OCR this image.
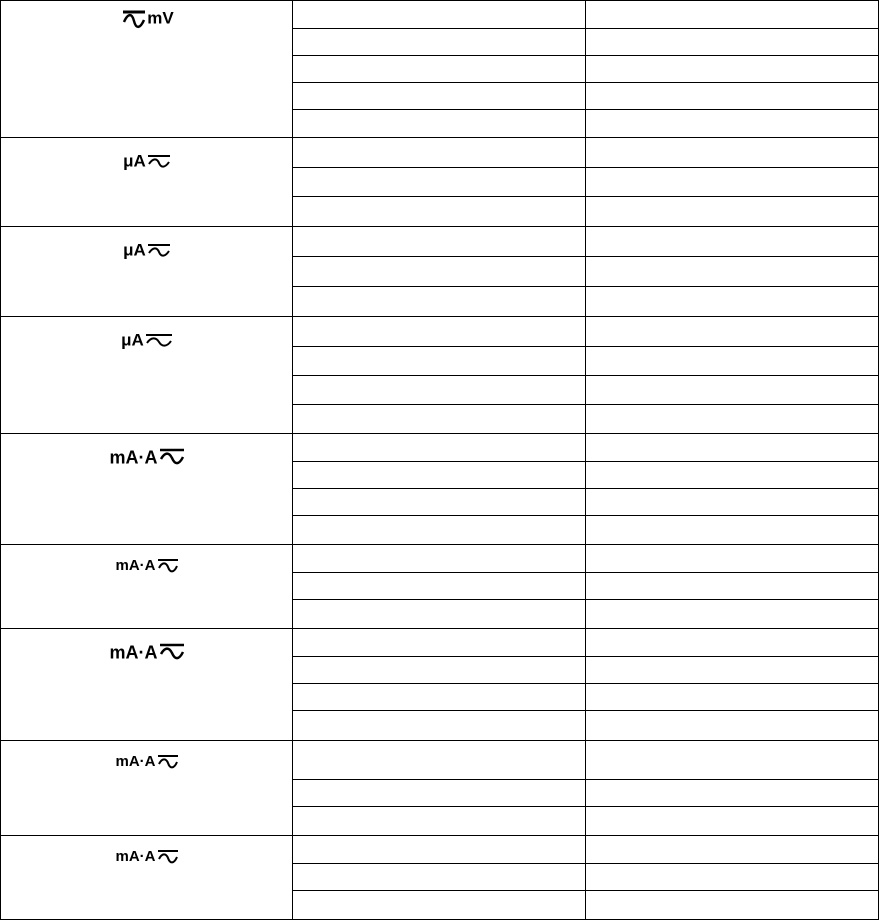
mV
μA
μA
μA
mA·A
mA·A
mA·A
mA·A
mA·A
